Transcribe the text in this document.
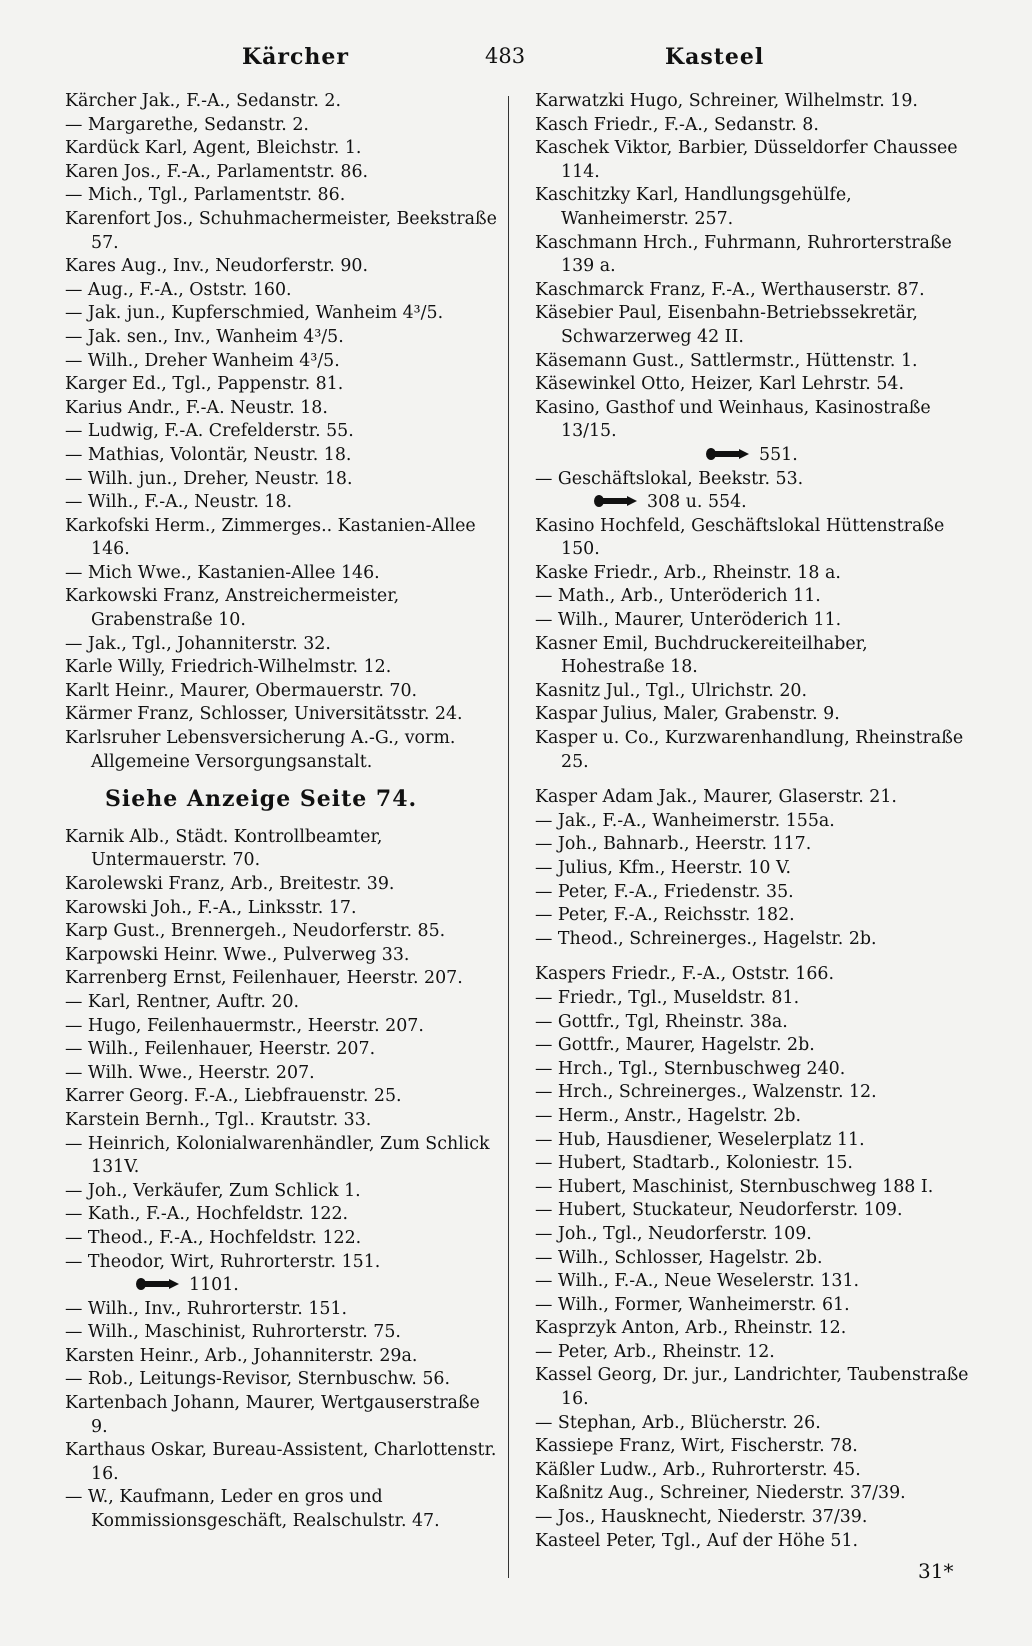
Kärcher	483	Kasteel

Kärcher Jak., F.-A., Sedanstr. 2.

— Margarethe, Sedanstr. 2.

Kardück Karl, Agent, Bleichstr. 1.

Karen Jos., F.-A., Parlamentstr. 86.

— Mich., Tgl., Parlamentstr. 86.

Karenfort Jos., Schuhmachermeister, Beekstraße 57.

Kares Aug., Inv., Neudorferstr. 90.

— Aug., F.-A., Oststr. 160.

— Jak. jun., Kupferschmied, Wanheim 4³/5.

— Jak. sen., Inv., Wanheim 4³/5.

— Wilh., Dreher Wanheim 4³/5.

Karger Ed., Tgl., Pappenstr. 81.

Karius Andr., F.-A. Neustr. 18.

— Ludwig, F.-A. Crefelderstr. 55.

— Mathias, Volontär, Neustr. 18.

— Wilh. jun., Dreher, Neustr. 18.

— Wilh., F.-A., Neustr. 18.

Karkofski Herm., Zimmerges.. Kastanien-Allee 146.

— Mich Wwe., Kastanien-Allee 146.

Karkowski Franz, Anstreichermeister, Grabenstraße 10.

— Jak., Tgl., Johanniterstr. 32.

Karle Willy, Friedrich-Wilhelmstr. 12.

Karlt Heinr., Maurer, Obermauerstr. 70.

Kärmer Franz, Schlosser, Universitätsstr. 24.

Karlsruher Lebensversicherung A.-G., vorm. Allgemeine Versorgungsanstalt.

Siehe Anzeige Seite 74.

Karnik Alb., Städt. Kontrollbeamter, Untermauerstr. 70.

Karolewski Franz, Arb., Breitestr. 39.

Karowski Joh., F.-A., Linksstr. 17.

Karp Gust., Brennergeh., Neudorferstr. 85.

Karpowski Heinr. Wwe., Pulverweg 33.

Karrenberg Ernst, Feilenhauer, Heerstr. 207.

— Karl, Rentner, Auftr. 20.

— Hugo, Feilenhauermstr., Heerstr. 207.

— Wilh., Feilenhauer, Heerstr. 207.

— Wilh. Wwe., Heerstr. 207.

Karrer Georg. F.-A., Liebfrauenstr. 25.

Karstein Bernh., Tgl.. Krautstr. 33.

— Heinrich, Kolonialwarenhändler, Zum Schlick 131V.

— Joh., Verkäufer, Zum Schlick 1.

— Kath., F.-A., Hochfeldstr. 122.

— Theod., F.-A., Hochfeldstr. 122.

— Theodor, Wirt, Ruhrorterstr. 151.

1101.

— Wilh., Inv., Ruhrorterstr. 151.

— Wilh., Maschinist, Ruhrorterstr. 75.

Karsten Heinr., Arb., Johanniterstr. 29a.

— Rob., Leitungs-Revisor, Sternbuschw. 56.

Kartenbach Johann, Maurer, Wertgauserstraße 9.

Karthaus Oskar, Bureau-Assistent, Charlottenstr. 16.

— W., Kaufmann, Leder en gros und Kommissionsgeschäft, Realschulstr. 47.

Karwatzki Hugo, Schreiner, Wilhelmstr. 19.

Kasch Friedr., F.-A., Sedanstr. 8.

Kaschek Viktor, Barbier, Düsseldorfer Chaussee 114.

Kaschitzky Karl, Handlungsgehülfe, Wanheimerstr. 257.

Kaschmann Hrch., Fuhrmann, Ruhrorterstraße 139 a.

Kaschmarck Franz, F.-A., Werthauserstr. 87.

Käsebier Paul, Eisenbahn-Betriebssekretär, Schwarzerweg 42 II.

Käsemann Gust., Sattlermstr., Hüttenstr. 1.

Käsewinkel Otto, Heizer, Karl Lehrstr. 54.

Kasino, Gasthof und Weinhaus, Kasinostraße 13/15.

551.

— Geschäftslokal, Beekstr. 53.

308 u. 554.

Kasino Hochfeld, Geschäftslokal Hüttenstraße 150.

Kaske Friedr., Arb., Rheinstr. 18 a.

— Math., Arb., Unteröderich 11.

— Wilh., Maurer, Unteröderich 11.

Kasner Emil, Buchdruckereiteilhaber, Hohestraße 18.

Kasnitz Jul., Tgl., Ulrichstr. 20.

Kaspar Julius, Maler, Grabenstr. 9.

Kasper u. Co., Kurzwarenhandlung, Rheinstraße 25.

Kasper Adam Jak., Maurer, Glaserstr. 21.

— Jak., F.-A., Wanheimerstr. 155a.

— Joh., Bahnarb., Heerstr. 117.

— Julius, Kfm., Heerstr. 10 V.

— Peter, F.-A., Friedenstr. 35.

— Peter, F.-A., Reichsstr. 182.

— Theod., Schreinerges., Hagelstr. 2b.

Kaspers Friedr., F.-A., Oststr. 166.

— Friedr., Tgl., Museldstr. 81.

— Gottfr., Tgl, Rheinstr. 38a.

— Gottfr., Maurer, Hagelstr. 2b.

— Hrch., Tgl., Sternbuschweg 240.

— Hrch., Schreinerges., Walzenstr. 12.

— Herm., Anstr., Hagelstr. 2b.

— Hub, Hausdiener, Weselerplatz 11.

— Hubert, Stadtarb., Koloniestr. 15.

— Hubert, Maschinist, Sternbuschweg 188 I.

— Hubert, Stuckateur, Neudorferstr. 109.

— Joh., Tgl., Neudorferstr. 109.

— Wilh., Schlosser, Hagelstr. 2b.

— Wilh., F.-A., Neue Weselerstr. 131.

— Wilh., Former, Wanheimerstr. 61.

Kasprzyk Anton, Arb., Rheinstr. 12.

— Peter, Arb., Rheinstr. 12.

Kassel Georg, Dr. jur., Landrichter, Taubenstraße 16.

— Stephan, Arb., Blücherstr. 26.

Kassiepe Franz, Wirt, Fischerstr. 78.

Käßler Ludw., Arb., Ruhrorterstr. 45.

Kaßnitz Aug., Schreiner, Niederstr. 37/39.

— Jos., Hausknecht, Niederstr. 37/39.

Kasteel Peter, Tgl., Auf der Höhe 51.

31*
